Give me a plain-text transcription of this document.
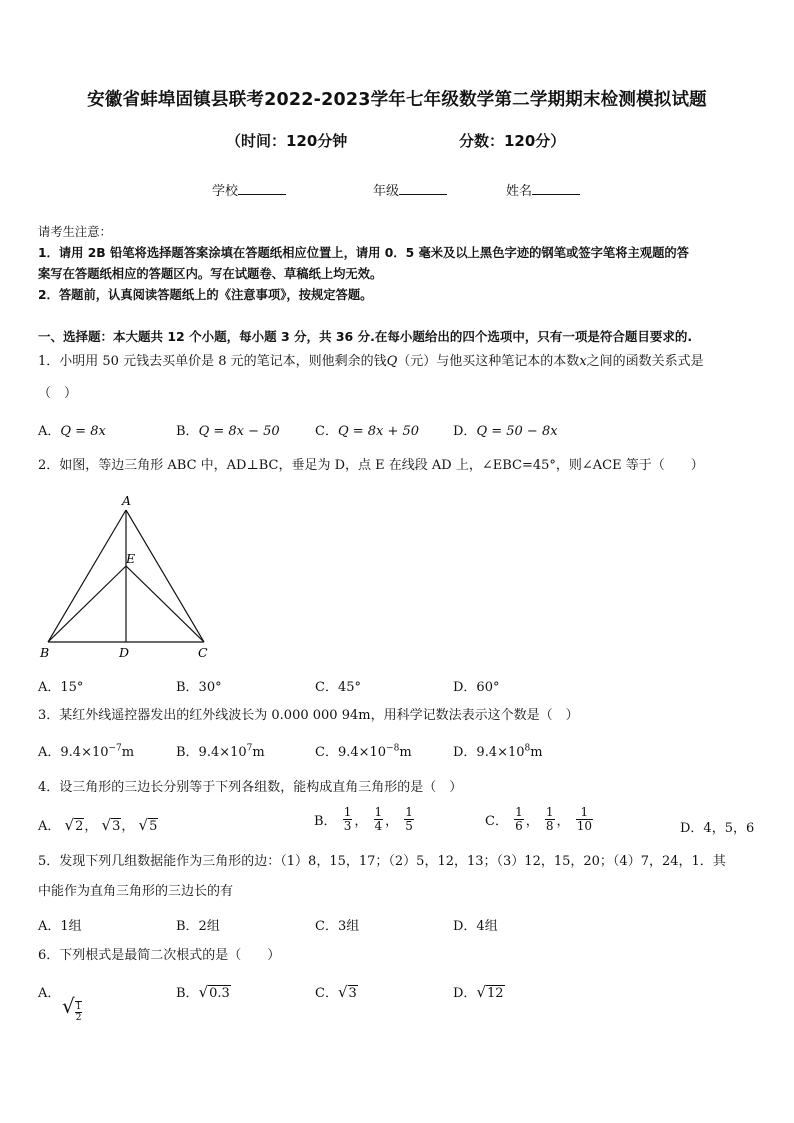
安徽省蚌埠固镇县联考2022-2023学年七年级数学第二学期期末检测模拟试题
（时间：120分钟	分数：120分）
学校	年级	姓名
请考生注意：
1．请用 2B 铅笔将选择题答案涂填在答题纸相应位置上，请用 0．5 毫米及以上黑色字迹的钢笔或签字笔将主观题的答
案写在答题纸相应的答题区内。写在试题卷、草稿纸上均无效。
2．答题前，认真阅读答题纸上的《注意事项》，按规定答题。
一、选择题：本大题共 12 个小题，每小题 3 分，共 36 分.在每小题给出的四个选项中，只有一项是符合题目要求的.
1．小明用 50 元钱去买单价是 8 元的笔记本，则他剩余的钱Q（元）与他买这种笔记本的本数x之间的函数关系式是
（　）
A．Q = 8x	B．Q = 8x − 50	C．Q = 8x + 50	D．Q = 50 − 8x
2．如图，等边三角形 ABC 中，AD⊥BC，垂足为 D，点 E 在线段 AD 上，∠EBC=45°，则∠ACE 等于（　　）
A
B	C
D
E
A．15°	B．30°	C．45°	D．60°
3．某红外线遥控器发出的红外线波长为 0.000 000 94m，用科学记数法表示这个数是（　）
A．$9.4\times 10^{-7}m$	B．$9.4\times 10^7m$	C．$9.4\times 10^{-8}m$	D．$9.4\times 10^8m$
4．设三角形的三边长分别等于下列各组数，能构成直角三角形的是（　）
A． √2， √3， √5	B． $\frac{1}{3}$ ， $\frac{1}{4}$ ， $\frac{1}{5}$	C． $\frac{1}{6}$ ， $\frac{1}{8}$ ， $\frac{1}{10}$	D．4，5，6
5．发现下列几组数据能作为三角形的边：（1）8，15，17；（2）5，12，13；（3）12，15，20；（4）7，24，1．其
中能作为直角三角形的三边长的有
A．1组	B．2组	C．3组	D．4组
6．下列根式是最简二次根式的是（　　）
A．
√ $\frac{1}{2}$
B．√0.3	C．√3	D．√12
